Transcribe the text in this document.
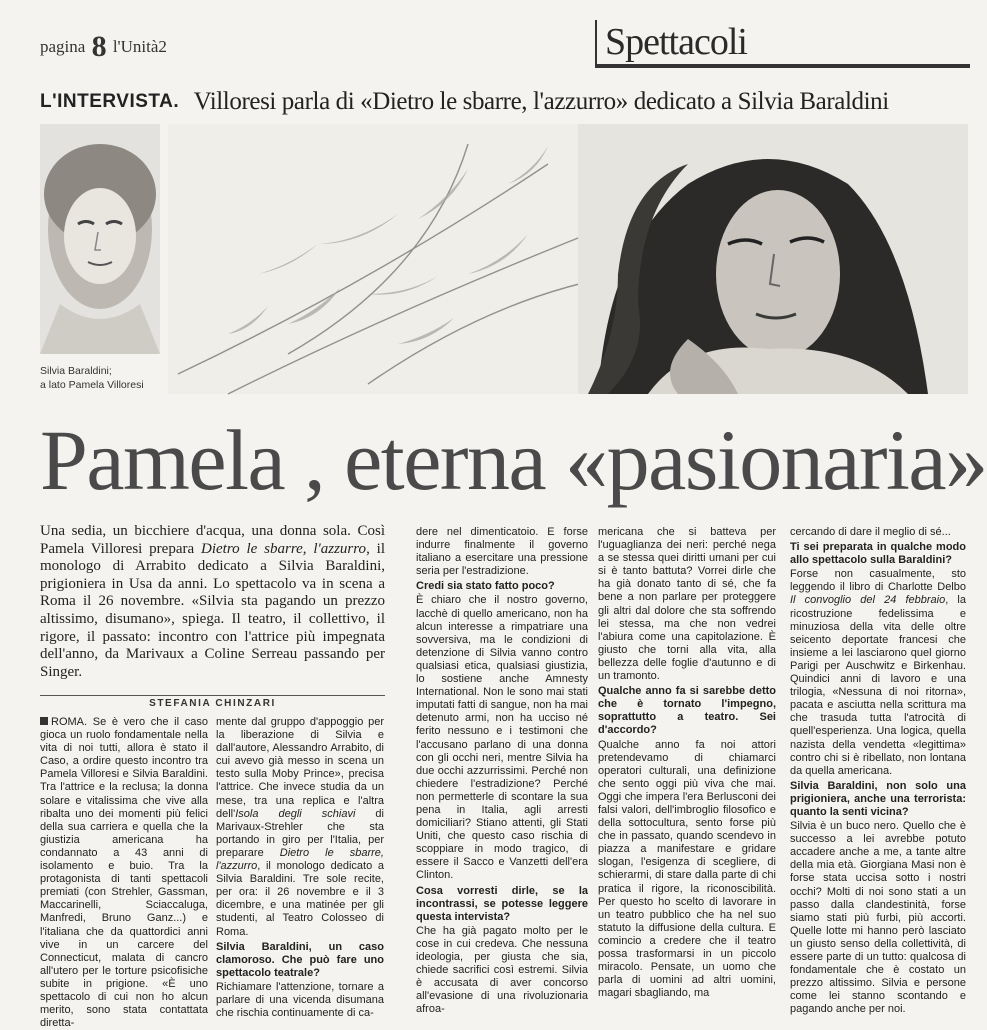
pagina 8 l'Unità2	Spettacoli
L'INTERVISTA. Villoresi parla di «Dietro le sbarre, l'azzurro» dedicato a Silvia Baraldini
Silvia Baraldini;
a lato Pamela Villoresi
Pamela , eterna «pasionaria»
Una sedia, un bicchiere d'acqua, una donna sola. Così Pamela Villoresi prepara Dietro le sbarre, l'azzurro, il monologo di Arrabito dedicato a Silvia Baraldini, prigioniera in Usa da anni. Lo spettacolo va in scena a Roma il 26 novembre. «Silvia sta pagando un prezzo altissimo, disumano», spiega. Il teatro, il collettivo, il rigore, il passato: incontro con l'attrice più impegnata dell'anno, da Marivaux a Coline Serreau passando per Singer.
STEFANIA CHINZARI

ROMA. Se è vero che il caso gioca un ruolo fondamentale nella vita di noi tutti, allora è stato il Caso, a ordire questo incontro tra Pamela Villoresi e Silvia Baraldini. Tra l'attrice e la reclusa; la donna solare e vitalissima che vive alla ribalta uno dei momenti più felici della sua carriera e quella che la giustizia americana ha condannato a 43 anni di isolamento e buio. Tra la protagonista di tanti spettacoli premiati (con Strehler, Gassman, Maccarinelli, Sciaccaluga, Manfredi, Bruno Ganz...) e l'italiana che da quattordici anni vive in un carcere del Connecticut, malata di cancro all'utero per le torture psicofisiche subite in prigione. «È uno spettacolo di cui non ho alcun merito, sono stata contattata diretta-

mente dal gruppo d'appoggio per la liberazione di Silvia e dall'autore, Alessandro Arrabito, di cui avevo già messo in scena un testo sulla Moby Prince», precisa l'attrice. Che invece studia da un mese, tra una replica e l'altra dell'Isola degli schiavi di Marivaux-Strehler che sta portando in giro per l'Italia, per preparare Dietro le sbarre, l'azzurro, il monologo dedicato a Silvia Baraldini. Tre sole recite, per ora: il 26 novembre e il 3 dicembre, e una matinée per gli studenti, al Teatro Colosseo di Roma.

Silvia Baraldini, un caso clamoroso. Che può fare uno spettacolo teatrale?

Richiamare l'attenzione, tornare a parlare di una vicenda disumana che rischia continuamente di ca-

dere nel dimenticatoio. E forse indurre finalmente il governo italiano a esercitare una pressione seria per l'estradizione.

Credi sia stato fatto poco?

È chiaro che il nostro governo, lacchè di quello americano, non ha alcun interesse a rimpatriare una sovversiva, ma le condizioni di detenzione di Silvia vanno contro qualsiasi etica, qualsiasi giustizia, lo sostiene anche Amnesty International. Non le sono mai stati imputati fatti di sangue, non ha mai detenuto armi, non ha ucciso né ferito nessuno e i testimoni che l'accusano parlano di una donna con gli occhi neri, mentre Silvia ha due occhi azzurrissimi. Perché non chiedere l'estradizione? Perché non permetterle di scontare la sua pena in Italia, agli arresti domiciliari? Stiano attenti, gli Stati Uniti, che questo caso rischia di scoppiare in modo tragico, di essere il Sacco e Vanzetti dell'era Clinton.

Cosa vorresti dirle, se la incontrassi, se potesse leggere questa intervista?

Che ha già pagato molto per le cose in cui credeva. Che nessuna ideologia, per giusta che sia, chiede sacrifici così estremi. Silvia è accusata di aver concorso all'evasione di una rivoluzionaria afroa-

mericana che si batteva per l'uguaglianza dei neri: perché nega a se stessa quei diritti umani per cui si è tanto battuta? Vorrei dirle che ha già donato tanto di sé, che fa bene a non parlare per proteggere gli altri dal dolore che sta soffrendo lei stessa, ma che non vedrei l'abiura come una capitolazione. È giusto che torni alla vita, alla bellezza delle foglie d'autunno e di un tramonto.

Qualche anno fa si sarebbe detto che è tornato l'impegno, soprattutto a teatro. Sei d'accordo?

Qualche anno fa noi attori pretendevamo di chiamarci operatori culturali, una definizione che sento oggi più viva che mai. Oggi che impera l'era Berlusconi dei falsi valori, dell'imbroglio filosofico e della sottocultura, sento forse più che in passato, quando scendevo in piazza a manifestare e gridare slogan, l'esigenza di scegliere, di schierarmi, di stare dalla parte di chi pratica il rigore, la riconoscibilità. Per questo ho scelto di lavorare in un teatro pubblico che ha nel suo statuto la diffusione della cultura. E comincio a credere che il teatro possa trasformarsi in un piccolo miracolo. Pensate, un uomo che parla di uomini ad altri uomini, magari sbagliando, ma

cercando di dare il meglio di sé...

Ti sei preparata in qualche modo allo spettacolo sulla Baraldini?

Forse non casualmente, sto leggendo il libro di Charlotte Delbo Il convoglio del 24 febbraio, la ricostruzione fedelissima e minuziosa della vita delle oltre seicento deportate francesi che insieme a lei lasciarono quel giorno Parigi per Auschwitz e Birkenhau. Quindici anni di lavoro e una trilogia, «Nessuna di noi ritorna», pacata e asciutta nella scrittura ma che trasuda tutta l'atrocità di quell'esperienza. Una logica, quella nazista della vendetta «legittima» contro chi si è ribellato, non lontana da quella americana.

Silvia Baraldini, non solo una prigioniera, anche una terrorista: quanto la senti vicina?

Silvia è un buco nero. Quello che è successo a lei avrebbe potuto accadere anche a me, a tante altre della mia età. Giorgiana Masi non è forse stata uccisa sotto i nostri occhi? Molti di noi sono stati a un passo dalla clandestinità, forse siamo stati più furbi, più accorti. Quelle lotte mi hanno però lasciato un giusto senso della collettività, di essere parte di un tutto: qualcosa di fondamentale che è costato un prezzo altissimo. Silvia e persone come lei stanno scontando e pagando anche per noi.
